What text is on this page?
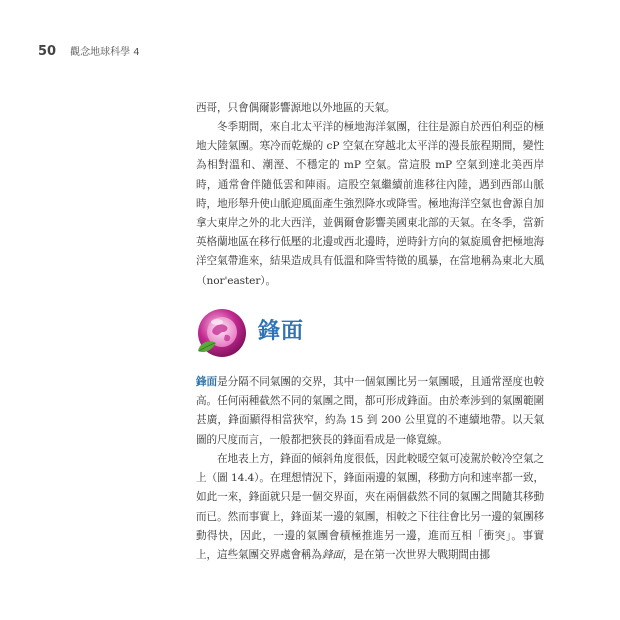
50 觀念地球科學 4

西哥，只會偶爾影響源地以外地區的天氣。

冬季期間，來自北太平洋的極地海洋氣團，往往是源自於西伯利亞的極地大陸氣團。寒冷而乾燥的 cP 空氣在穿越北太平洋的漫長旅程期間，變性為相對溫和、潮溼、不穩定的 mP 空氣。當這股 mP 空氣到達北美西岸時，通常會伴隨低雲和陣雨。這股空氣繼續前進移往內陸，遇到西部山脈時，地形舉升使山脈迎風面產生強烈降水或降雪。極地海洋空氣也會源自加拿大東岸之外的北大西洋，並偶爾會影響美國東北部的天氣。在冬季，當新英格蘭地區在移行低壓的北邊或西北邊時，逆時針方向的氣旋風會把極地海洋空氣帶進來，結果造成具有低溫和降雪特徵的風暴，在當地稱為東北大風（nor'easter）。

鋒面

鋒面是分隔不同氣團的交界，其中一個氣團比另一氣團暖，且通常溼度也較高。任何兩種截然不同的氣團之間，都可形成鋒面。由於牽涉到的氣團範圍甚廣，鋒面顯得相當狹窄，約為 15 到 200 公里寬的不連續地帶。以天氣圖的尺度而言，一般都把狹長的鋒面看成是一條寬線。

在地表上方，鋒面的傾斜角度很低，因此較暖空氣可凌駕於較冷空氣之上（圖 14.4）。在理想情況下，鋒面兩邊的氣團，移動方向和速率都一致，如此一來，鋒面就只是一個交界面，夾在兩個截然不同的氣團之間隨其移動而已。然而事實上，鋒面某一邊的氣團，相較之下往往會比另一邊的氣團移動得快，因此，一邊的氣團會積極推進另一邊，進而互相「衝突」。事實上，這些氣團交界處會稱為鋒面，是在第一次世界大戰期間由挪
